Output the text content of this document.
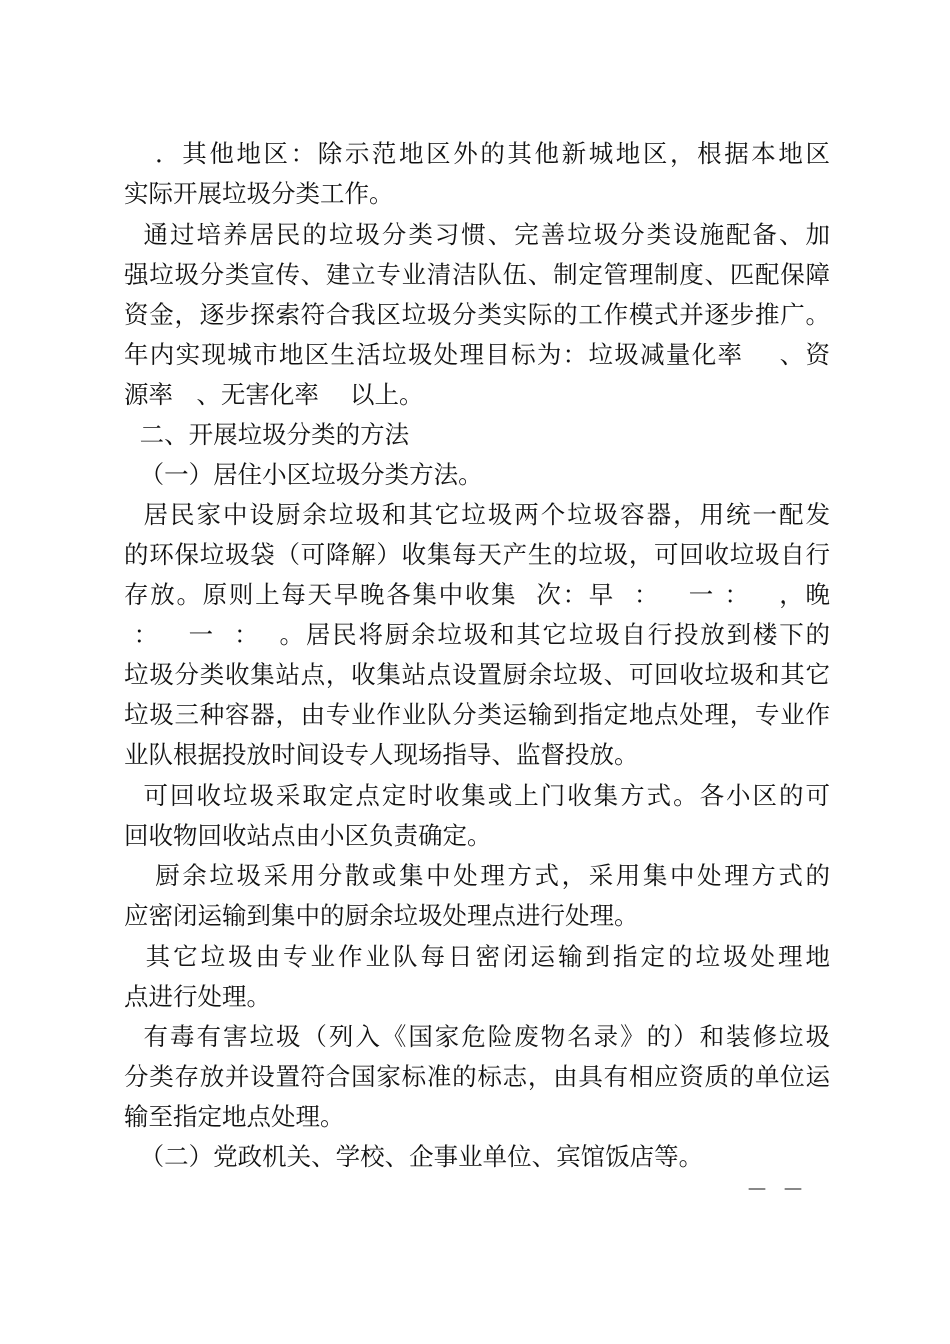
．其他地区：除示范地区外的其他新城地区，根据本地区
实际开展垃圾分类工作。
通过培养居民的垃圾分类习惯、完善垃圾分类设施配备、加
强垃圾分类宣传、建立专业清洁队伍、制定管理制度、匹配保障
资金，逐步探索符合我区垃圾分类实际的工作模式并逐步推广。
年内实现城市地区生活垃圾处理目标为：垃圾减量化率    、资
源率   、无害化率    以上。
二、开展垃圾分类的方法
（一）居住小区垃圾分类方法。
居民家中设厨余垃圾和其它垃圾两个垃圾容器，用统一配发
的环保垃圾袋（可降解）收集每天产生的垃圾，可回收垃圾自行
存放。原则上每天早晚各集中收集  次：早  ：   一 ：   ，晚
：   一  ：  。居民将厨余垃圾和其它垃圾自行投放到楼下的
垃圾分类收集站点，收集站点设置厨余垃圾、可回收垃圾和其它
垃圾三种容器，由专业作业队分类运输到指定地点处理，专业作
业队根据投放时间设专人现场指导、监督投放。
可回收垃圾采取定点定时收集或上门收集方式。各小区的可
回收物回收站点由小区负责确定。
厨余垃圾采用分散或集中处理方式，采用集中处理方式的
应密闭运输到集中的厨余垃圾处理点进行处理。
其它垃圾由专业作业队每日密闭运输到指定的垃圾处理地
点进行处理。
有毒有害垃圾（列入《国家危险废物名录》的）和装修垃圾
分类存放并设置符合国家标准的标志，由具有相应资质的单位运
输至指定地点处理。
（二）党政机关、学校、企事业单位、宾馆饭店等。
－  －
